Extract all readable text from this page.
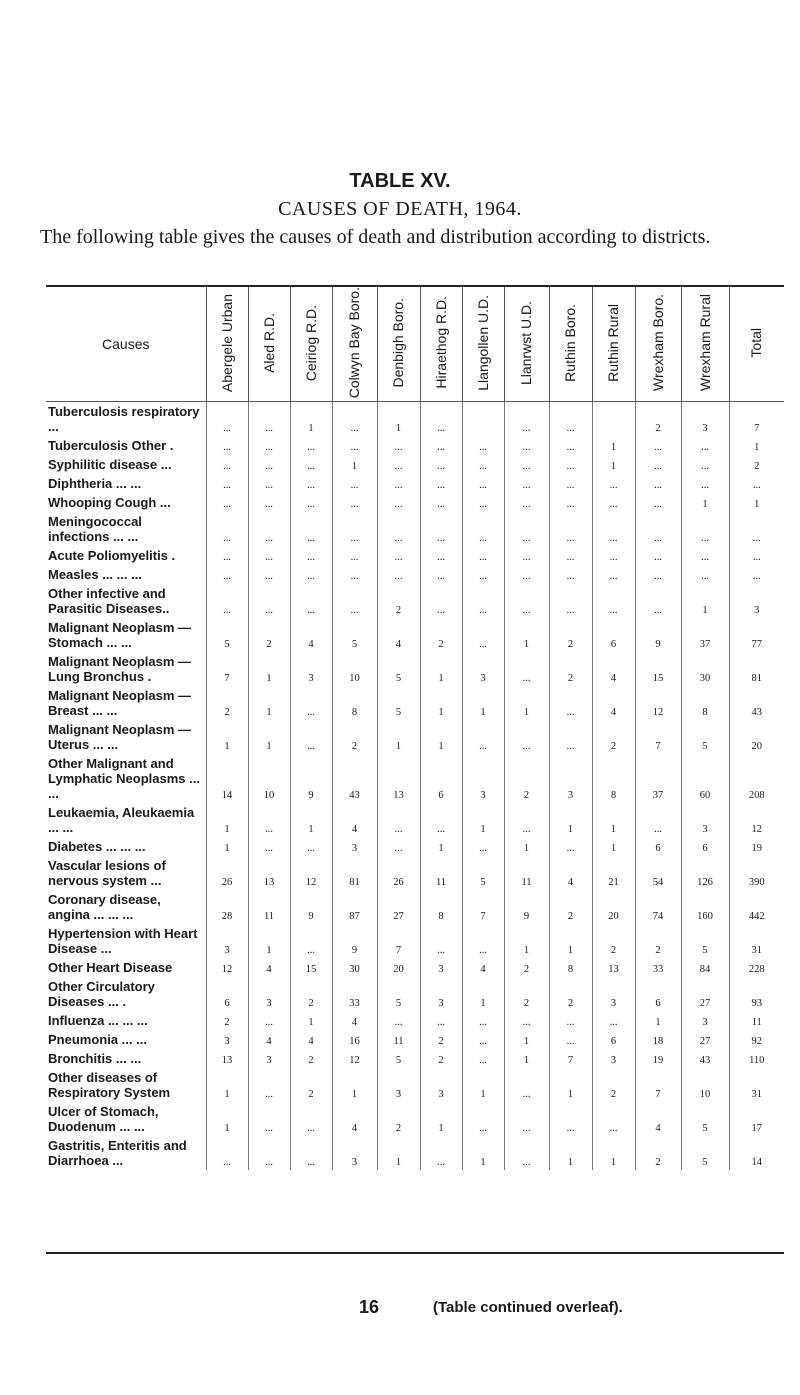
TABLE XV.
CAUSES OF DEATH, 1964.
The following table gives the causes of death and distribution according to districts.
Causes	Abergele Urban	Aled R.D.	Ceiriog R.D.	Colwyn Bay Boro.	Denbigh Boro.	Hiraethog R.D.	Llangollen U.D.	Llanrwst U.D.	Ruthin Boro.	Ruthin Rural	Wrexham Boro.	Wrexham Rural	Total
Tuberculosis respiratory ...	...	...	1	...	1	...		...	...		2	3	7
Tuberculosis Other .	...	...	...	...	...	...	...	...	...	1	...	...	1
Syphilitic disease ...	...	...	...	1	...	...	...	...	...	1	...	...	2
Diphtheria ... ...	...	...	...	...	...	...	...	...	...	...	...	...	...
Whooping Cough ...	...	...	...	...	...	...	...	...	...	...	...	1	1
Meningococcal infections ... ...	...	...	...	...	...	...	...	...	...	...	...	...	...
Acute Poliomyelitis .	...	...	...	...	...	...	...	...	...	...	...	...	...
Measles ... ... ...	...	...	...	...	...	...	...	...	...	...	...	...	...
Other infective and Parasitic Diseases..	...	...	...	...	2	...	...	...	...	...	...	1	3
Malignant Neoplasm —Stomach ... ...	5	2	4	5	4	2	...	1	2	6	9	37	77
Malignant Neoplasm —Lung Bronchus .	7	1	3	10	5	1	3	...	2	4	15	30	81
Malignant Neoplasm —Breast ... ...	2	1	...	8	5	1	1	1	...	4	12	8	43
Malignant Neoplasm —Uterus ... ...	1	1	...	2	1	1	...	...	...	2	7	5	20
Other Malignant and Lymphatic Neoplasms ... ...	14	10	9	43	13	6	3	2	3	8	37	60	208
Leukaemia, Aleukaemia ... ...	1	...	1	4	...	...	1	...	1	1	...	3	12
Diabetes ... ... ...	1	...	...	3	...	1	...	1	...	1	6	6	19
Vascular lesions of nervous system ...	26	13	12	81	26	11	5	11	4	21	54	126	390
Coronary disease, angina ... ... ...	28	11	9	87	27	8	7	9	2	20	74	160	442
Hypertension with Heart Disease ...	3	1	...	9	7	...	...	1	1	2	2	5	31
Other Heart Disease	12	4	15	30	20	3	4	2	8	13	33	84	228
Other Circulatory Diseases ... .	6	3	2	33	5	3	1	2	2	3	6	27	93
Influenza ... ... ...	2	...	1	4	...	...	...	...	...	...	1	3	11
Pneumonia ... ...	3	4	4	16	11	2	...	1	...	6	18	27	92
Bronchitis ... ...	13	3	2	12	5	2	...	1	7	3	19	43	110
Other diseases of Respiratory System	1	...	2	1	3	3	1	...	1	2	7	10	31
Ulcer of Stomach, Duodenum ... ...	1	...	...	4	2	1	...	...	...	...	4	5	17
Gastritis, Enteritis and Diarrhoea ...	...	...	...	3	1	...	1	...	1	1	2	5	14
16	(Table continued overleaf).
